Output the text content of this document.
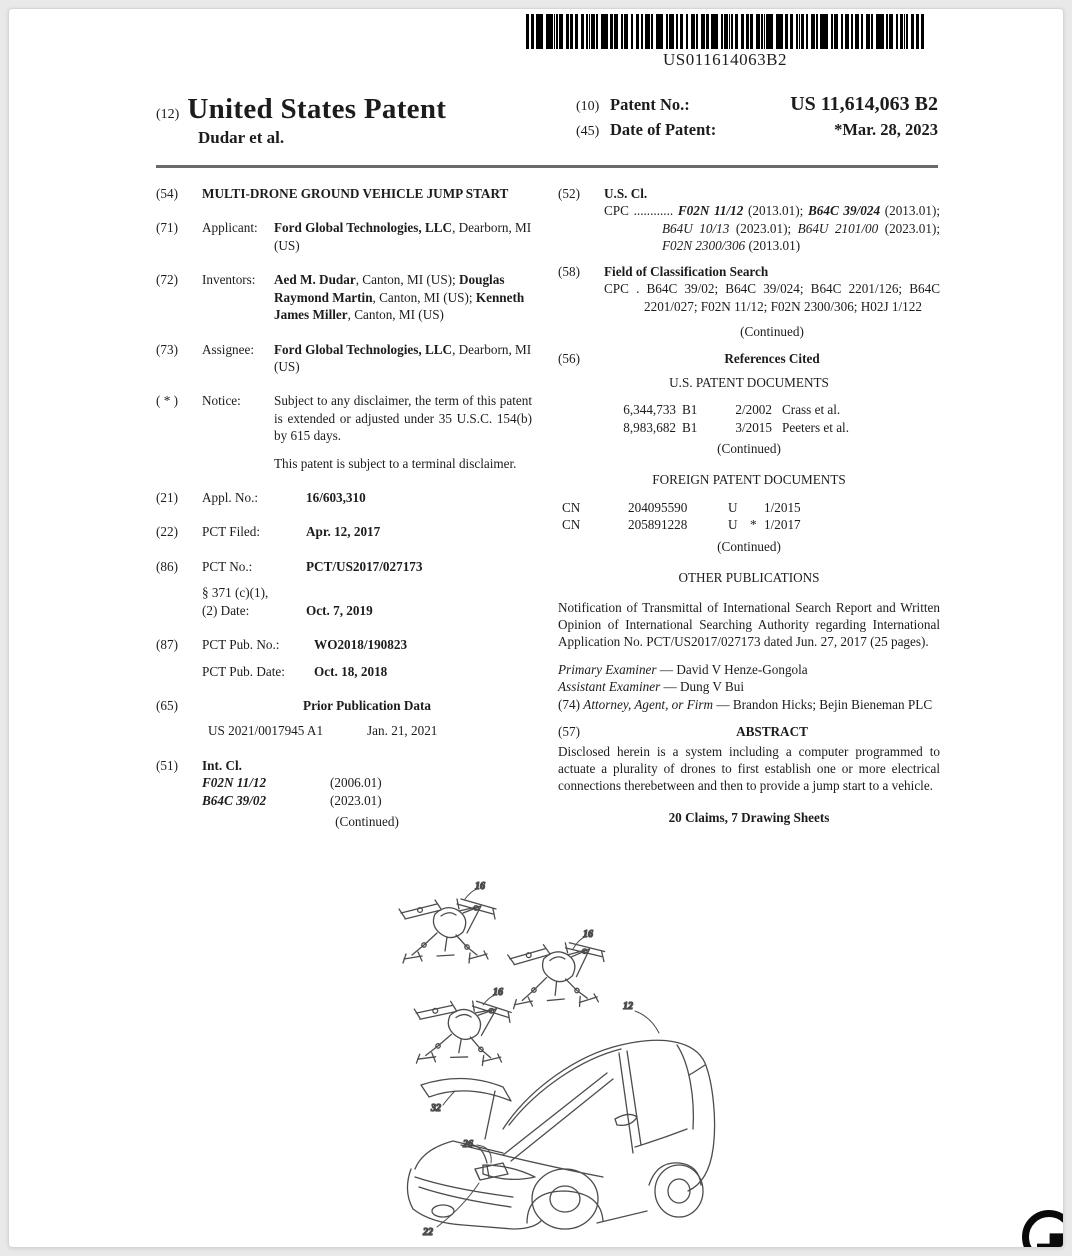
US011614063B2
(12) United States Patent
Dudar et al.
(10) Patent No.:	US 11,614,063 B2
(45) Date of Patent:	*Mar. 28, 2023
(54)	MULTI-DRONE GROUND VEHICLE JUMP START
(71)	Applicant:	Ford Global Technologies, LLC, Dearborn, MI (US)
(72)	Inventors:	Aed M. Dudar, Canton, MI (US); Douglas Raymond Martin, Canton, MI (US); Kenneth James Miller, Canton, MI (US)
(73)	Assignee:	Ford Global Technologies, LLC, Dearborn, MI (US)
( * )	Notice:	Subject to any disclaimer, the term of this patent is extended or adjusted under 35 U.S.C. 154(b) by 615 days.
This patent is subject to a terminal disclaimer.
(21)	Appl. No.:	16/603,310
(22)	PCT Filed:	Apr. 12, 2017
(86)	PCT No.:	PCT/US2017/027173
§ 371 (c)(1),
(2) Date:	Oct. 7, 2019
(87)	PCT Pub. No.:	WO2018/190823
PCT Pub. Date:	Oct. 18, 2018
(65)	Prior Publication Data
US 2021/0017945 A1	Jan. 21, 2021
(51)	Int. Cl.
F02N 11/12	(2006.01)
B64C 39/02	(2023.01)
(Continued)
(52)	U.S. Cl.
CPC ............ F02N 11/12 (2013.01); B64C 39/024 (2013.01); B64U 10/13 (2023.01); B64U 2101/00 (2023.01); F02N 2300/306 (2013.01)
(58)	Field of Classification Search
CPC . B64C 39/02; B64C 39/024; B64C 2201/126; B64C 2201/027; F02N 11/12; F02N 2300/306; H02J 1/122
(Continued)
(56)	References Cited
U.S. PATENT DOCUMENTS
6,344,733 B1	2/2002 Crass et al.
8,983,682 B1	3/2015 Peeters et al.
(Continued)
FOREIGN PATENT DOCUMENTS
CN	204095590	U	1/2015
CN	205891228	U * 1/2017
(Continued)
OTHER PUBLICATIONS
Notification of Transmittal of International Search Report and Written Opinion of International Searching Authority regarding International Application No. PCT/US2017/027173 dated Jun. 27, 2017 (25 pages).
Primary Examiner — David V Henze-Gongola
Assistant Examiner — Dung V Bui
(74) Attorney, Agent, or Firm — Brandon Hicks; Bejin Bieneman PLC
(57)	ABSTRACT
Disclosed herein is a system including a computer programmed to actuate a plurality of drones to first establish one or more electrical connections therebetween and then to provide a jump start to a vehicle.
20 Claims, 7 Drawing Sheets
16
16
16
12
32
26
22
